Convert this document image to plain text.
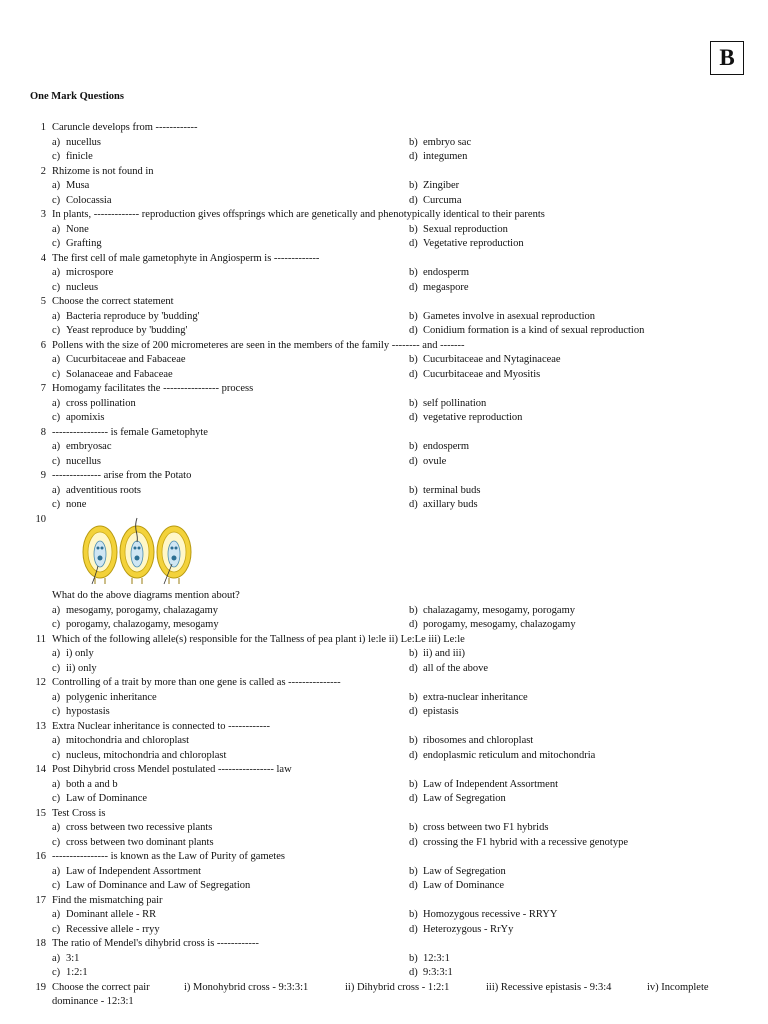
B
One Mark Questions
1 Caruncle develops from ------------
a) nucellus	b) embryo sac
c) finicle	d) integumen
2 Rhizome is not found in
a) Musa	b) Zingiber
c) Colocassia	d) Curcuma
3 In plants, ------------- reproduction gives offsprings which are genetically and phenotypically identical to their parents
a) None	b) Sexual reproduction
c) Grafting	d) Vegetative reproduction
4 The first cell of male gametophyte in Angiosperm is -------------
a) microspore	b) endosperm
c) nucleus	d) megaspore
5 Choose the correct statement
a) Bacteria reproduce by 'budding'	b) Gametes involve in asexual reproduction
c) Yeast reproduce by 'budding'	d) Conidium formation is a kind of sexual reproduction
6 Pollens with the size of 200 micrometeres are seen in the members of the family -------- and -------
a) Cucurbitaceae and Fabaceae	b) Cucurbitaceae and Nytaginaceae
c) Solanaceae and Fabaceae	d) Cucurbitaceae and Myositis
7 Homogamy facilitates the ---------------- process
a) cross pollination	b) self pollination
c) apomixis	d) vegetative reproduction
8 ---------------- is female Gametophyte
a) embryosac	b) endosperm
c) nucellus	d) ovule
9 -------------- arise from the Potato
a) adventitious roots	b) terminal buds
c) none	d) axillary buds
10
What do the above diagrams mention about?
a) mesogamy, porogamy, chalazagamy	b) chalazagamy, mesogamy, porogamy
c) porogamy, chalazogamy, mesogamy	d) porogamy, mesogamy, chalazogamy
11 Which of the following allele(s) responsible for the Tallness of pea plant i) le:le ii) Le:Le iii) Le:le
a) i) only	b) ii) and iii)
c) ii) only	d) all of the above
12 Controlling of a trait by more than one gene is called as ---------------
a) polygenic inheritance	b) extra-nuclear inheritance
c) hypostasis	d) epistasis
13 Extra Nuclear inheritance is connected to ------------
a) mitochondria and chloroplast	b) ribosomes and chloroplast
c) nucleus, mitochondria and chloroplast	d) endoplasmic reticulum and mitochondria
14 Post Dihybrid cross Mendel postulated ---------------- law
a) both a and b	b) Law of Independent Assortment
c) Law of Dominance	d) Law of Segregation
15 Test Cross is
a) cross between two recessive plants	b) cross between two F1 hybrids
c) cross between two dominant plants	d) crossing the F1 hybrid with a recessive genotype
16 ---------------- is known as the Law of Purity of gametes
a) Law of Independent Assortment	b) Law of Segregation
c) Law of Dominance and Law of Segregation	d) Law of Dominance
17 Find the mismatching pair
a) Dominant allele - RR	b) Homozygous recessive - RRYY
c) Recessive allele - rryy	d) Heterozygous - RrYy
18 The ratio of Mendel's dihybrid cross is ------------
a) 3:1	b) 12:3:1
c) 1:2:1	d) 9:3:3:1
19 Choose the correct pair	i) Monohybrid cross - 9:3:3:1	ii) Dihybrid cross - 1:2:1	iii) Recessive epistasis - 9:3:4	iv) Incomplete
dominance - 12:3:1
